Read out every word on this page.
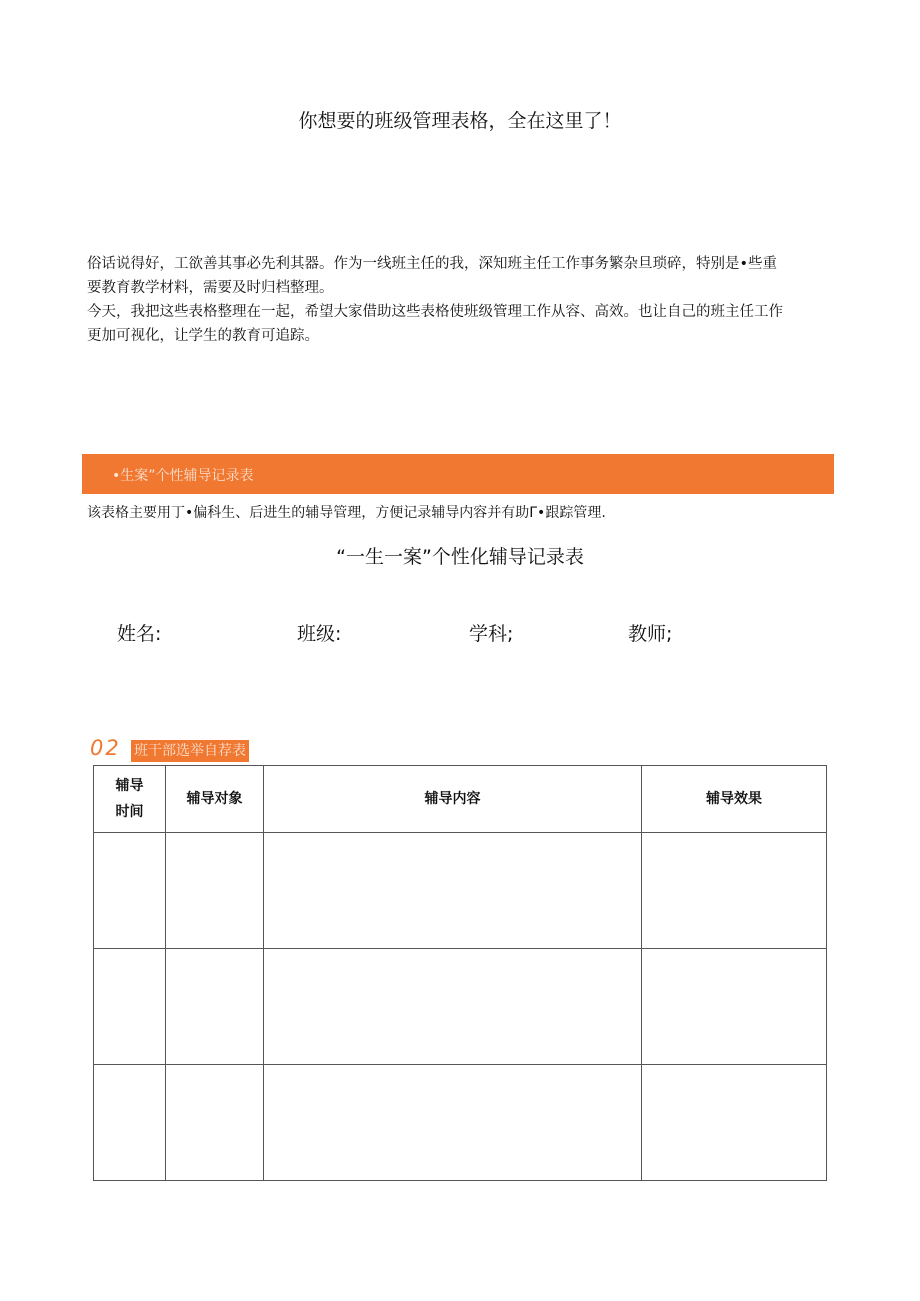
你想要的班级管理表格，全在这里了！
俗话说得好，工欲善其事必先利其器。作为一线班主任的我，深知班主任工作事务繁杂旦琐碎，特别是•些重
要教育教学材料，需要及时归档整理。
今天，我把这些表格整理在一起，希望大家借助这些表格使班级管理工作从容、高效。也让自己的班主任工作
更加可视化，让学生的教育可追踪。
•生案”个性辅导记录表
该表格主要用丁•偏科生、后进生的辅导管理，方便记录辅导内容并有助Γ•跟踪管理.
“一生一案”个性化辅导记录表
姓名:	班级:	学科;	教师;
02 班干部选举自荐表
辅导时间	辅导对象	辅导内容	辅导效果
